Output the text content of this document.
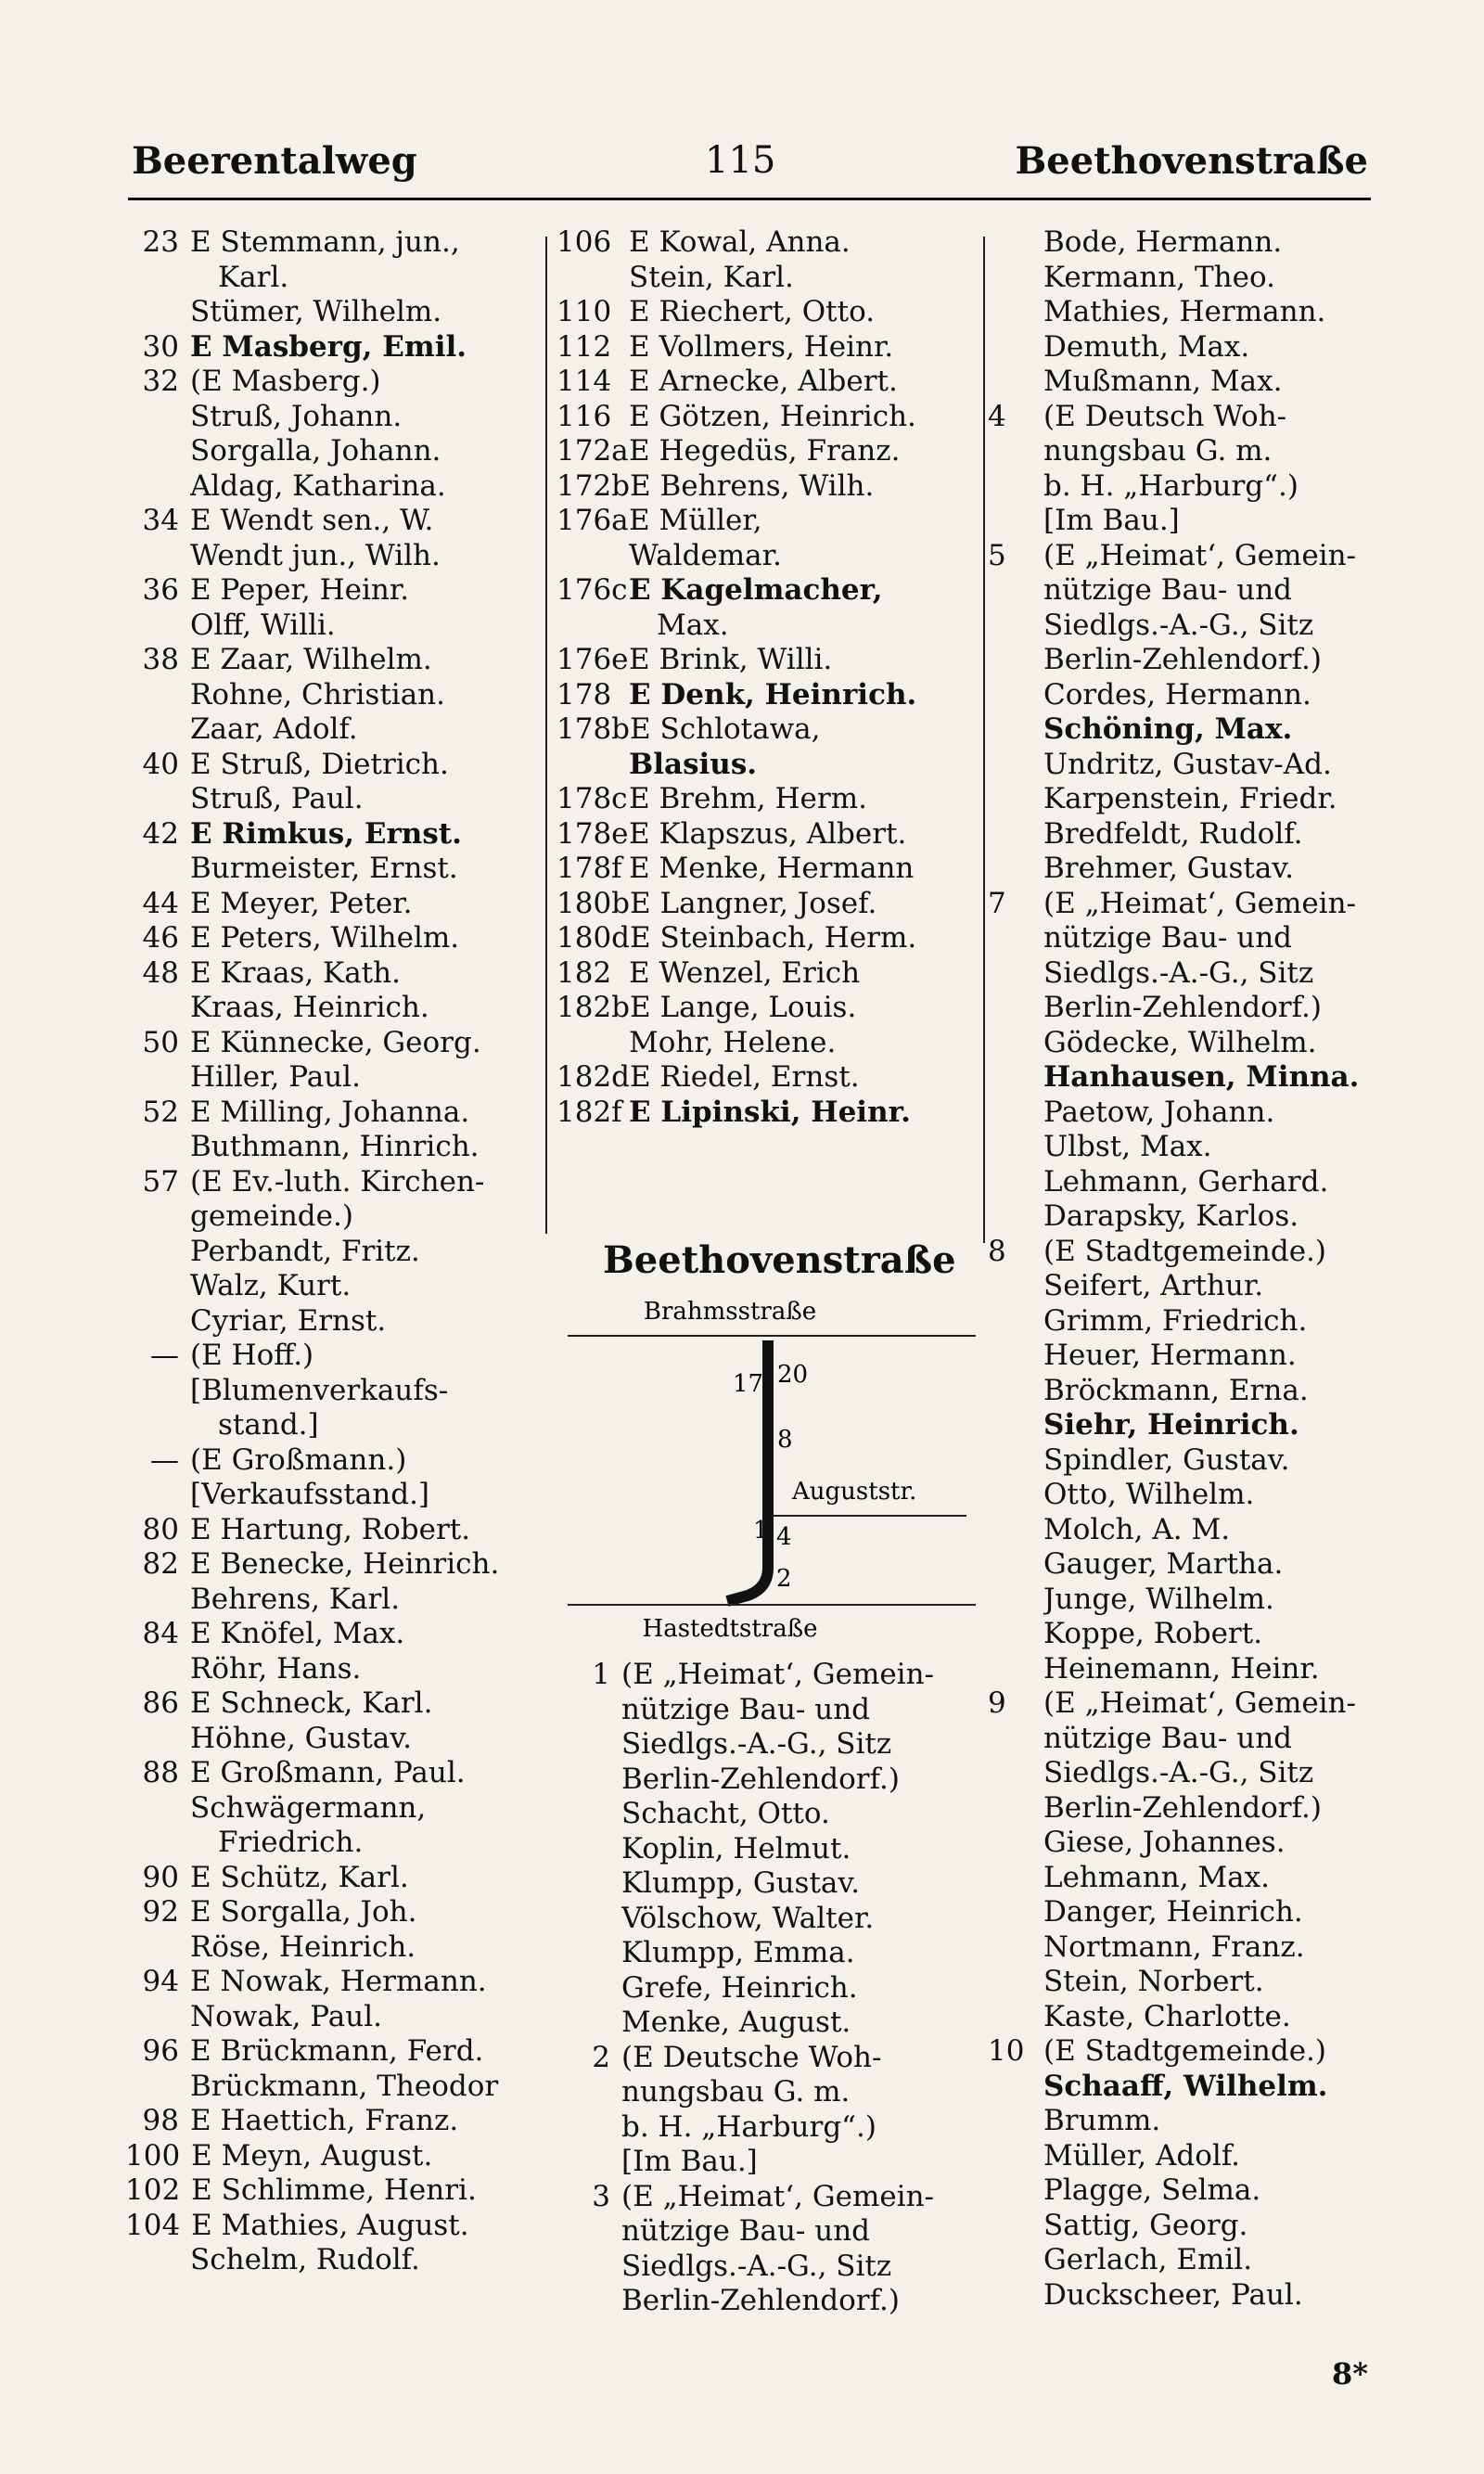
Beerentalweg	115	Beethovenstraße
23 E Stemmann, jun.,
Karl.
Stümer, Wilhelm.
30 E Masberg, Emil.
32 (E Masberg.)
Struß, Johann.
Sorgalla, Johann.
Aldag, Katharina.
34 E Wendt sen., W.
Wendt jun., Wilh.
36 E Peper, Heinr.
Olff, Willi.
38 E Zaar, Wilhelm.
Rohne, Christian.
Zaar, Adolf.
40 E Struß, Dietrich.
Struß, Paul.
42 E Rimkus, Ernst.
Burmeister, Ernst.
44 E Meyer, Peter.
46 E Peters, Wilhelm.
48 E Kraas, Kath.
Kraas, Heinrich.
50 E Künnecke, Georg.
Hiller, Paul.
52 E Milling, Johanna.
Buthmann, Hinrich.
57 (E Ev.-luth. Kirchen-
gemeinde.)
Perbandt, Fritz.
Walz, Kurt.
Cyriar, Ernst.
— (E Hoff.)
[Blumenverkaufs-
stand.]
— (E Großmann.)
[Verkaufsstand.]
80 E Hartung, Robert.
82 E Benecke, Heinrich.
Behrens, Karl.
84 E Knöfel, Max.
Röhr, Hans.
86 E Schneck, Karl.
Höhne, Gustav.
88 E Großmann, Paul.
Schwägermann,
Friedrich.
90 E Schütz, Karl.
92 E Sorgalla, Joh.
Röse, Heinrich.
94 E Nowak, Hermann.
Nowak, Paul.
96 E Brückmann, Ferd.
Brückmann, Theodor
98 E Haettich, Franz.
100 E Meyn, August.
102 E Schlimme, Henri.
104 E Mathies, August.
Schelm, Rudolf.
106 E Kowal, Anna.
Stein, Karl.
110 E Riechert, Otto.
112 E Vollmers, Heinr.
114 E Arnecke, Albert.
116 E Götzen, Heinrich.
172a E Hegedüs, Franz.
172b E Behrens, Wilh.
176a E Müller,
Waldemar.
176c E Kagelmacher,
Max.
176e E Brink, Willi.
178 E Denk, Heinrich.
178b E Schlotawa,
Blasius.
178c E Brehm, Herm.
178e E Klapszus, Albert.
178f E Menke, Hermann
180b E Langner, Josef.
180d E Steinbach, Herm.
182 E Wenzel, Erich
182b E Lange, Louis.
Mohr, Helene.
182d E Riedel, Ernst.
182f E Lipinski, Heinr.
Beethovenstraße
Brahmsstraße
20
17
8
Auguststr.
1 4
2
Hastedtstraße
1 (E „Heimat‘, Gemein-
nützige Bau- und
Siedlgs.-A.-G., Sitz
Berlin-Zehlendorf.)
Schacht, Otto.
Koplin, Helmut.
Klumpp, Gustav.
Völschow, Walter.
Klumpp, Emma.
Grefe, Heinrich.
Menke, August.
2 (E Deutsche Woh-
nungsbau G. m.
b. H. „Harburg“.)
[Im Bau.]
3 (E „Heimat‘, Gemein-
nützige Bau- und
Siedlgs.-A.-G., Sitz
Berlin-Zehlendorf.)
Bode, Hermann.
Kermann, Theo.
Mathies, Hermann.
Demuth, Max.
Mußmann, Max.
4	(E Deutsch Woh-
nungsbau G. m.
b. H. „Harburg“.)
[Im Bau.]
5	(E „Heimat‘, Gemein-
nützige Bau- und
Siedlgs.-A.-G., Sitz
Berlin-Zehlendorf.)
Cordes, Hermann.
Schöning, Max.
Undritz, Gustav-Ad.
Karpenstein, Friedr.
Bredfeldt, Rudolf.
Brehmer, Gustav.
7	(E „Heimat‘, Gemein-
nützige Bau- und
Siedlgs.-A.-G., Sitz
Berlin-Zehlendorf.)
Gödecke, Wilhelm.
Hanhausen, Minna.
Paetow, Johann.
Ulbst, Max.
Lehmann, Gerhard.
Darapsky, Karlos.
8	(E Stadtgemeinde.)
Seifert, Arthur.
Grimm, Friedrich.
Heuer, Hermann.
Bröckmann, Erna.
Siehr, Heinrich.
Spindler, Gustav.
Otto, Wilhelm.
Molch, A. M.
Gauger, Martha.
Junge, Wilhelm.
Koppe, Robert.
Heinemann, Heinr.
9	(E „Heimat‘, Gemein-
nützige Bau- und
Siedlgs.-A.-G., Sitz
Berlin-Zehlendorf.)
Giese, Johannes.
Lehmann, Max.
Danger, Heinrich.
Nortmann, Franz.
Stein, Norbert.
Kaste, Charlotte.
10 (E Stadtgemeinde.)
Schaaff, Wilhelm.
Brumm.
Müller, Adolf.
Plagge, Selma.
Sattig, Georg.
Gerlach, Emil.
Duckscheer, Paul.
8*
